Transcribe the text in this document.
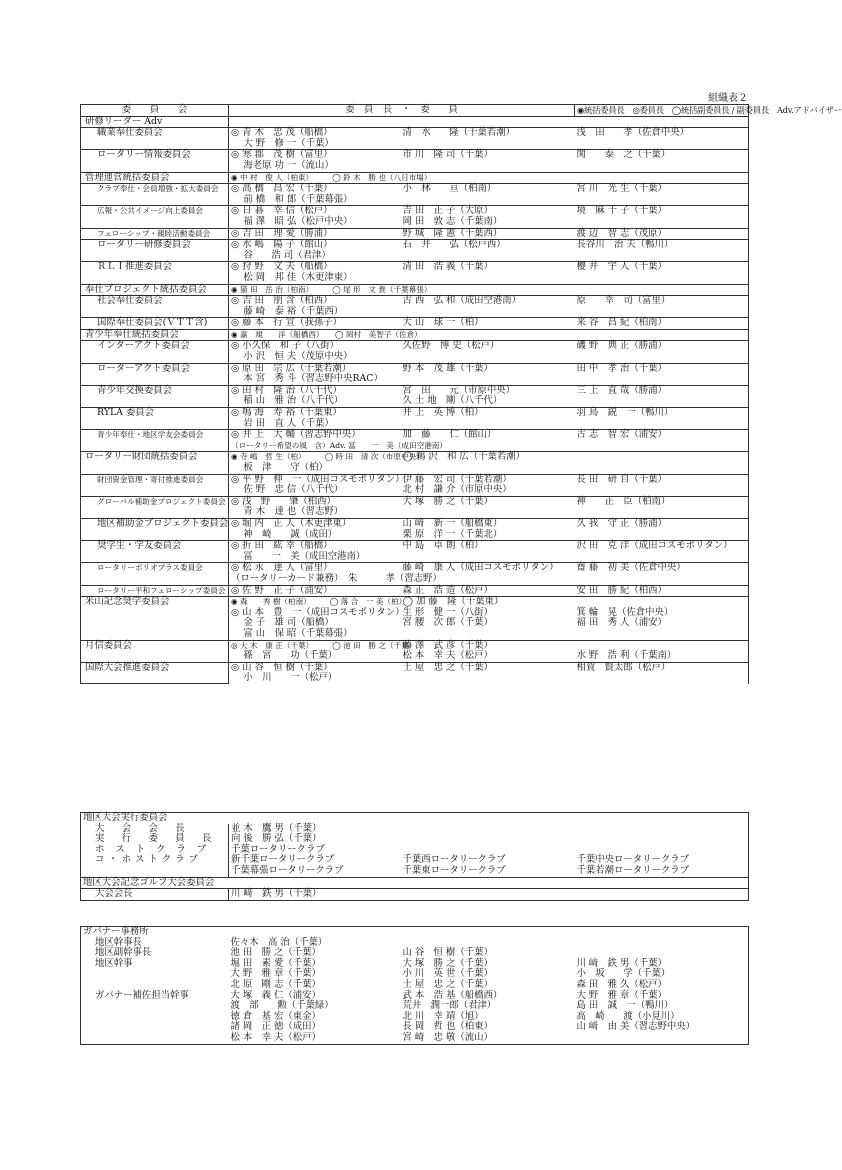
組織表２
委　　員　　会	委　員　長　・　委　　員		◉統括委員長　◎委員長　◯統括副委員長 / 副委員長　Adv.アドバイザー
研修リーダー Adv			
職業奉仕委員会	◎ 青 木　忠 茂（船橋）	清　水　　隆（千葉若潮）	浅　田　　孝（佐倉中央）
	　 大 野　修 一（千葉）		
ロータリー情報委員会	◎ 寒 郡　茂 樹（富里）	市 川　隆 司（千葉）	関　　泰　之（千葉）
	　 海老原 功 一（流山）		
管理運営統括委員会	◉ 中 村　俊 人（柏東）　　　◯ 鈴 木　勝 也（八日市場）		
クラブ奉仕・会員増強・拡大委員会	◎ 高 橋　昌 宏（千葉）	小　林　　亘（柏南）	宮 川　光 生（千葉）
	　 前 橋　和 郎（千葉幕張）		
広報・公共イメージ向上委員会	◎ 日 碁　幸 信（松戸）	吉 田　正 子（大原）	境　麻 千 子（千葉）
	　 福 澤　昭 弘（松戸中央）	岡 田　敦 志（千葉南）	
フェローシップ・親睦活動委員会	◎ 吉 田　理 愛（勝浦）	野 城　隆 憲（千葉西）	渡 辺　智 志（茂原）

ロータリー研修委員会	◎ 水 嶋　陽 子（館山）	石　井　　弘（松戸西）	長谷川　治 夫（鴨川）
	　 谷　　浩 司（君津）		
ＲＬＩ推進委員会	◎ 狩 野　文 夫（船橋）	清 田　浩 義（千葉）	櫻 井　宇 人（千葉）
	　 松 岡　邦 佳（木更津東）		
奉仕プロジェクト統括委員会	◉ 猫 田　岳 治（柏南）　　　◯ 尾 形　文 貴（千葉幕張）		
社会奉仕委員会	◎ 吉 田　朋 含（柏西）	古 西　弘 和（成田空港南）	原　　幸　司（富里）
	　 藤 崎　泰 裕（千葉西）		
国際奉仕委員会(ＶＴＴ含)	◎ 藤 本　行 宣（我孫子）	大 山　球 一（柏）	来 谷　昌 紀（柏南）

青少年奉仕統括委員会	◉ 嘉　規　　洋（船橋西）　　◯ 岡村　美智子（佐倉）		
インターアクト委員会	◎ 小久保　和 子（八街）	久佐野　博 史（松戸）	磯 野　典 正（勝浦）
	　 小 沢　恒 夫（茂原中央）		
ローターアクト委員会	◎ 原 田　宗 広（千葉若潮）	野 本　茂 雄（千葉）	田 中　孝 治（千葉）
	　 本 宮　秀 斗（習志野中央RAC）		
青少年交換委員会	◎ 田 村　隆 治（八千代）	宮　田　　元（市原中央）	三 上　直 哉（勝浦）
	　 稲 山　雅 治（八千代）	久 土 地　剛（八千代）	
RYLA 委員会	◎ 鳴 海　寿 裕（千葉東）	井 上　英 博（柏）	羽 鳥　鋭　一（鴨川）
	　 岩 田　直 人（千葉）		
青少年奉仕・地区学友会委員会	◎ 井 上　大 輔（習志野中央）	加　藤　　仁（館山）	古 志　智 宏（浦安）
	（ロータリー希望の風　含）Adv. 冨　　一　美（成田空港南）		
ロータリー財団統括委員会	◉ 寺 嶋　哲 生（柏）　　　◯ 時 田　清 次（市原中央）	◯ 鵜 沢　和 広（千葉若潮）	
	　 板　津　　守（柏）		
財団資金管理・寄付推進委員会	◎ 平 野　伸　一（成田コスモポリタン）	伊 藤　宏 司（千葉若潮）	長 田　研 自（千葉）
	　 佐 野　忠 信（八千代）	北 村　謙 介（市原中央）	
グローバル補助金プロジェクト委員会	◎ 浅　野　　肇（柏西）	大 塚　勝 之（千葉）	神　　正　臣（柏南）
	　 青 木　達 也（習志野）		

地区補助金プロジェクト委員会	◎ 堀 内　正 人（木更津東）	山 﨑　新 一（船橋東）	久 我　守 正（勝浦）
	　 神　崎　　誠（成田）	栗 原　洋 一（千葉北）	
奨学生・学友委員会	◎ 折 田　紘 幸（船橋）	中 島　卓 朗（柏）	沢 田　克 洋（成田コスモポリタン）
	　 冨　　一　美（成田空港南）		
ロータリーボリオプラス委員会	◎ 松 永　達 人（富里）	藤 崎　康 人（成田コスモポリタン）	齋 藤　初 美（佐倉中央）
	（ロータリーカード兼務）　朱　　　孝（習志野）		
ロータリー平和フェローシップ委員会	◎ 佐 野　正 子（浦安）	森 正　浩 造（松戸）	安 田　勝 紀（柏西）
米山記念奨学委員会	◉ 森　　秀 樹（柏南）　　　◯ 落 合　一 美（柏）	◯ 加 藤　隆（千葉東）	
	◎ 山 本　豊　一（成田コスモポリタン）	生 形　健 一（八街）	箕 輪　晃（佐倉中央）
	　 金 子　雄 司（船橋）	宮 腰　次 郎（千葉）	福 田　秀 人（浦安）
	　 富 山　保 昭（千葉幕張）		
月信委員会	◎ 大 木　康 正（千葉）　　　◯ 池 田　勝 之（千葉）	藤 澤　武 彦（千葉）	
	　 篠　宮　　功（千葉）	松 本　幸 夫（松戸）	水 野　浩 利（千葉南）
国際大会推進委員会	◎ 山 谷　恒 樹（千葉）	土 屋　忠 之（千葉）	相賀　賢太郎（松戸）
	　 小　川　　一（松戸）		
地区大会実行委員会			
大　会　会　長	並 木　鷹 男（千葉）		
実　行　委　員　長	向 後　勝 弘（千葉）		
ホ ス ト ク ラ ブ	千葉ロータリークラブ		
コ・ホストクラブ	新千葉ロータリークラブ	千葉西ロータリークラブ	千葉中央ロータリークラブ
	千葉幕張ロータリークラブ	千葉東ロータリークラブ	千葉若潮ロータリークラブ
地区大会記念ゴルフ大会委員会			
大会会長	川 﨑　鉄 男（千葉）		
ガバナー事務所			
地区幹事長	佐々木　高 治（千葉）		
地区副幹事長	池 田　勝 之（千葉）	山 谷　恒 樹（千葉）	
地区幹事	堀 田　素 愛（千葉）	大 塚　勝 之（千葉）	川 﨑　鉄 男（千葉）
	大 野　雅 章（千葉）	小 川　英 世（千葉）	小　坂　　学（千葉）
	北 原　剛 志（千葉）	土 屋　忠 之（千葉）	森 田　雅 久（松戸）
ガバナー補佐担当幹事	大 塚　義 仁（浦安）	武 本　浩 基（船橋西）	大 野　雅 章（千葉）
	渡　部　　勲（千葉緑）	荒井　潤一郎（君津）	島 田　誠　一（鴨川）
	徳 倉　基 宏（東金）	北 川　幸 靖（旭）	高　崎　　渡（小見川）
	諸 岡　正 徳（成田）	長 岡　哲 也（柏東）	山 﨑　由 美（習志野中央）
	松 本　幸 夫（松戸）	宮 崎　忠 敬（流山）	
